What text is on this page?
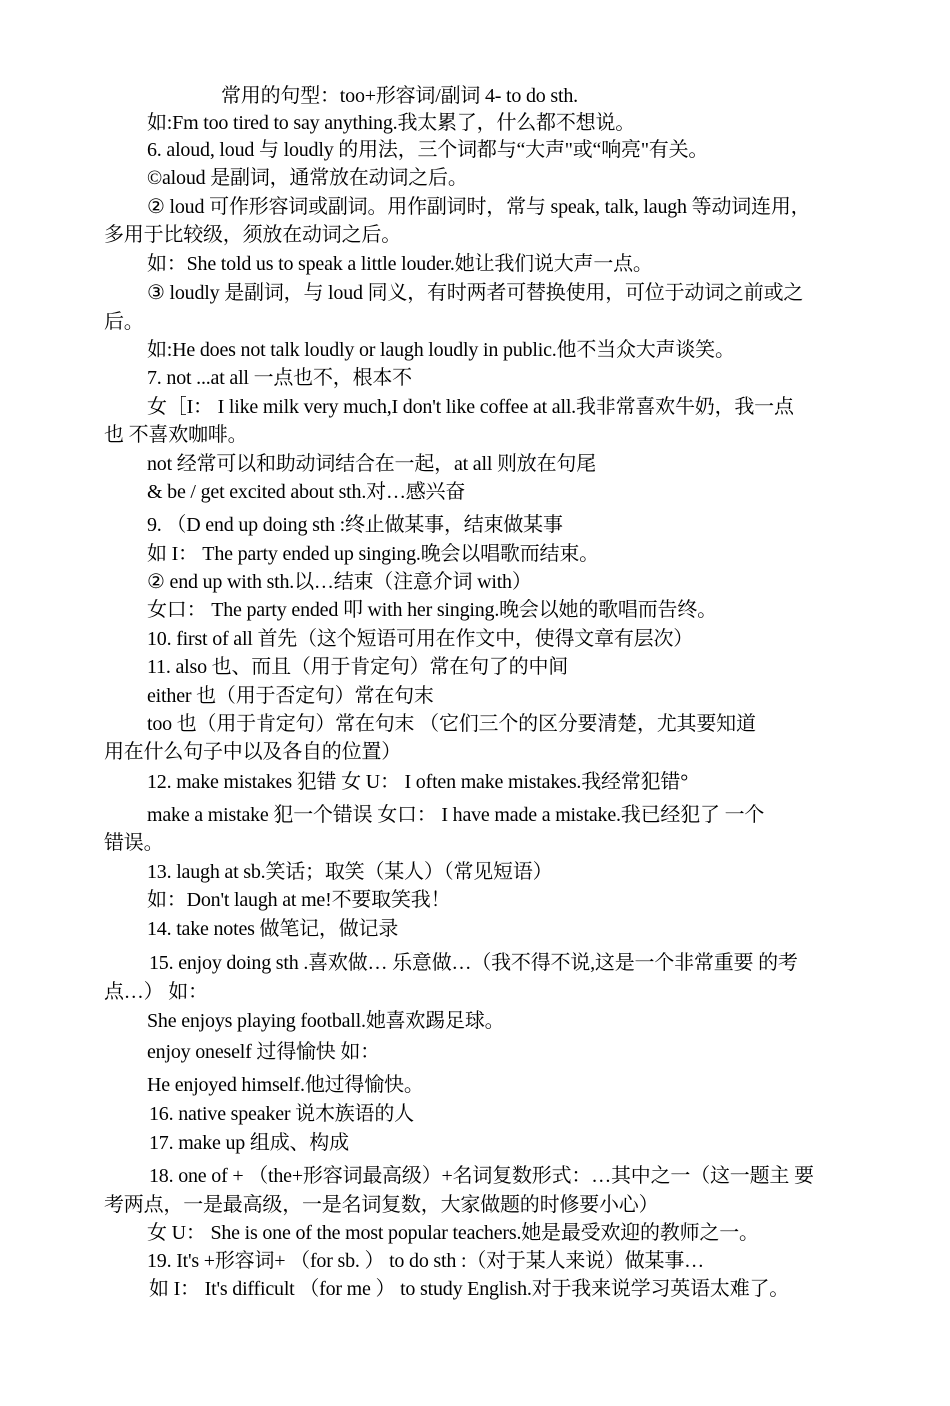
常用的句型：too+形容词/副词 4- to do sth.
如:Fm too tired to say anything.我太累了，什么都不想说。
6. aloud, loud 与 loudly 的用法，三个词都与“大声"或“响亮"有关。
©aloud 是副词，通常放在动词之后。
② loud 可作形容词或副词。用作副词时，常与 speak, talk, laugh 等动词连用，
多用于比较级，须放在动词之后。
如：She told us to speak a little louder.她让我们说大声一点。
③ loudly 是副词，与 loud 同义，有时两者可替换使用，可位于动词之前或之
后。
如:He does not talk loudly or laugh loudly in public.他不当众大声谈笑。
7. not ...at all 一点也不，根本不
女［I： I like milk very much,I don't like coffee at all.我非常喜欢牛奶，我一点
也 不喜欢咖啡。
not 经常可以和助动词结合在一起，at all 则放在句尾
& be / get excited about sth.对…感兴奋
9. （D end up doing sth :终止做某事，结束做某事
如 I： The party ended up singing.晚会以唱歌而结束。
② end up with sth.以…结束（注意介词 with）
女口： The party ended 叩 with her singing.晚会以她的歌唱而告终。
10. first of all 首先（这个短语可用在作文中，使得文章有层次）
11. also 也、而且（用于肯定句）常在句了的中间
either 也（用于否定句）常在句末
too 也（用于肯定句）常在句末 （它们三个的区分要清楚，尤其要知道
用在什么句子中以及各自的位置）
12. make mistakes 犯错 女 U： I often make mistakes.我经常犯错°
make a mistake 犯一个错误 女口： I have made a mistake.我已经犯了 一个
错误。
13. laugh at sb.笑话；取笑（某人）（常见短语）
如：Don't laugh at me!不要取笑我！
14. take notes 做笔记，做记录
15. enjoy doing sth .喜欢做… 乐意做…（我不得不说,这是一个非常重要 的考
点…） 如：
She enjoys playing football.她喜欢踢足球。
enjoy oneself 过得愉快 如：
He enjoyed himself.他过得愉快。
16. native speaker 说木族语的人
17. make up 组成、构成
18. one of + （the+形容词最高级）+名词复数形式：…其中之一（这一题主 要
考两点，一是最高级，一是名词复数，大家做题的时修要小心）
女 U： She is one of the most popular teachers.她是最受欢迎的教师之一。
19. It's +形容词+ （for sb. ） to do sth :（对于某人来说）做某事…
如 I： It's difficult （for me ） to study English.对于我来说学习英语太难了。
